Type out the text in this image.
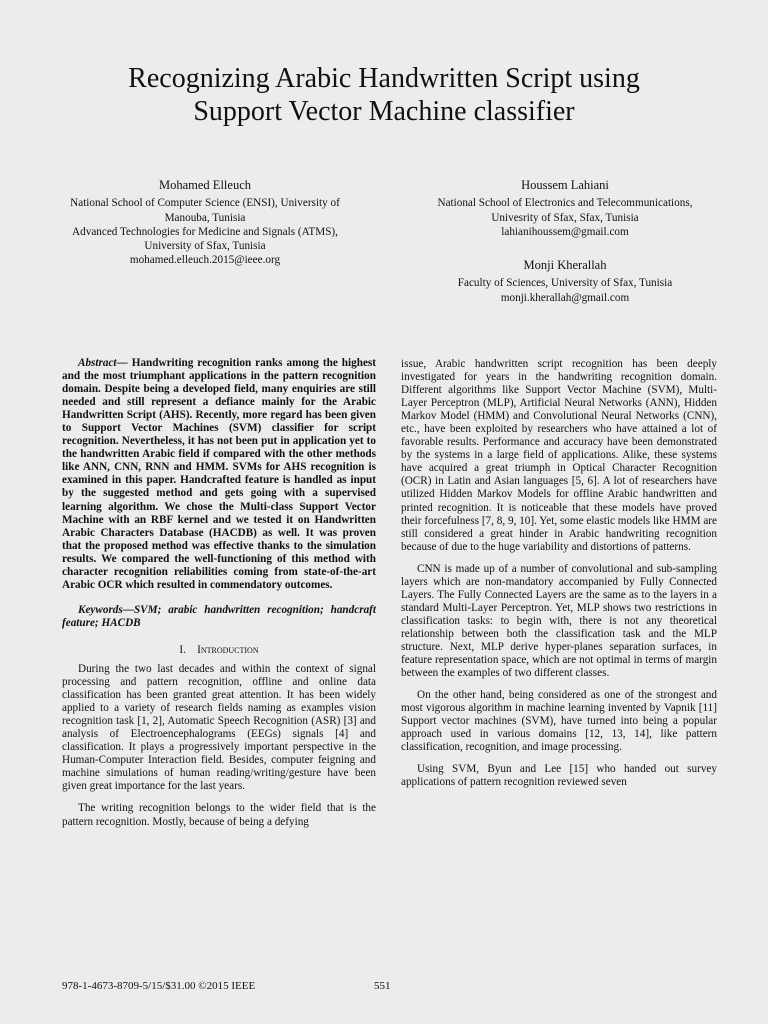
Recognizing Arabic Handwritten Script using
Support Vector Machine classifier
Mohamed Elleuch
National School of Computer Science (ENSI), University of
Manouba, Tunisia
Advanced Technologies for Medicine and Signals (ATMS),
University of Sfax, Tunisia
mohamed.elleuch.2015@ieee.org
Houssem Lahiani
National School of Electronics and Telecommunications,
Univesrity of Sfax, Sfax, Tunisia
lahianihoussem@gmail.com
Monji Kherallah
Faculty of Sciences, University of Sfax, Tunisia
monji.kherallah@gmail.com

Abstract— Handwriting recognition ranks among the highest and the most triumphant applications in the pattern recognition domain. Despite being a developed field, many enquiries are still needed and still represent a defiance mainly for the Arabic Handwritten Script (AHS). Recently, more regard has been given to Support Vector Machines (SVM) classifier for script recognition. Nevertheless, it has not been put in application yet to the handwritten Arabic field if compared with the other methods like ANN, CNN, RNN and HMM. SVMs for AHS recognition is examined in this paper. Handcrafted feature is handled as input by the suggested method and gets going with a supervised learning algorithm. We chose the Multi-class Support Vector Machine with an RBF kernel and we tested it on Handwritten Arabic Characters Database (HACDB) as well. It was proven that the proposed method was effective thanks to the simulation results. We compared the well-functioning of this method with character recognition reliabilities coming from state-of-the-art Arabic OCR which resulted in commendatory outcomes.

Keywords—SVM; arabic handwritten recognition; handcraft feature; HACDB

I. Introduction

During the two last decades and within the context of signal processing and pattern recognition, offline and online data classification has been granted great attention. It has been widely applied to a variety of research fields naming as examples vision recognition task [1, 2], Automatic Speech Recognition (ASR) [3] and analysis of Electroencephalograms (EEGs) signals [4] and classification. It plays a progressively important perspective in the Human-Computer Interaction field. Besides, computer feigning and machine simulations of human reading/writing/gesture have been given great importance for the last years.

The writing recognition belongs to the wider field that is the pattern recognition. Mostly, because of being a defying

issue, Arabic handwritten script recognition has been deeply investigated for years in the handwriting recognition domain. Different algorithms like Support Vector Machine (SVM), Multi-Layer Perceptron (MLP), Artificial Neural Networks (ANN), Hidden Markov Model (HMM) and Convolutional Neural Networks (CNN), etc., have been exploited by researchers who have attained a lot of favorable results. Performance and accuracy have been demonstrated by the systems in a large field of applications. Alike, these systems have acquired a great triumph in Optical Character Recognition (OCR) in Latin and Asian languages [5, 6]. A lot of researchers have utilized Hidden Markov Models for offline Arabic handwritten and printed recognition. It is noticeable that these models have proved their forcefulness [7, 8, 9, 10]. Yet, some elastic models like HMM are still considered a great hinder in Arabic handwriting recognition because of due to the huge variability and distortions of patterns.

CNN is made up of a number of convolutional and sub-sampling layers which are non-mandatory accompanied by Fully Connected Layers. The Fully Connected Layers are the same as to the layers in a standard Multi-Layer Perceptron. Yet, MLP shows two restrictions in classification tasks: to begin with, there is not any theoretical relationship between both the classification task and the MLP structure. Next, MLP derive hyper-planes separation surfaces, in feature representation space, which are not optimal in terms of margin between the examples of two different classes.

On the other hand, being considered as one of the strongest and most vigorous algorithm in machine learning invented by Vapnik [11] Support vector machines (SVM), have turned into being a popular approach used in various domains [12, 13, 14], like pattern classification, recognition, and image processing.

Using SVM, Byun and Lee [15] who handed out survey applications of pattern recognition reviewed seven

978-1-4673-8709-5/15/$31.00 ©2015 IEEE	551
